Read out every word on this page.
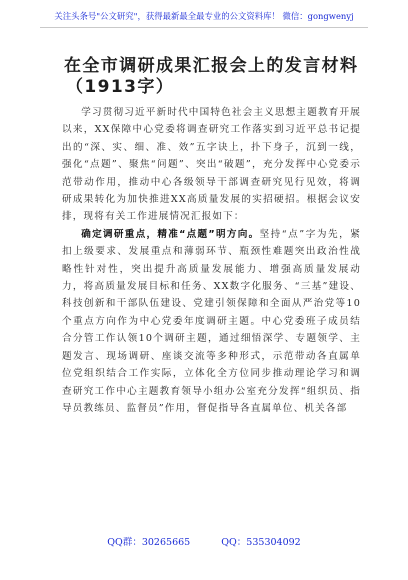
关注头条号"公文研究"，获得最新最全最专业的公文资料库！ 微信：gongwenyj
在全市调研成果汇报会上的发言材料
（1913字）

学习贯彻习近平新时代中国特色社会主义思想主题教育开展以来，XX保障中心党委将调查研究工作落实到习近平总书记提出的“深、实、细、准、效”五字诀上，扑下身子，沉到一线，强化“点题”、聚焦“问题”、突出“破题”，充分发挥中心党委示范带动作用，推动中心各级领导干部调查研究见行见效，将调研成果转化为加快推进XX高质量发展的实招硬招。根据会议安排，现将有关工作进展情况汇报如下：

确定调研重点，精准“点题”明方向。坚持“点”字为先，紧扣上级要求、发展重点和薄弱环节、瓶颈性难题突出政治性战略性针对性，突出提升高质量发展能力、增强高质量发展动力，将高质量发展目标和任务、XX数字化服务、“三基”建设、科技创新和干部队伍建设、党建引领保障和全面从严治党等10个重点方向作为中心党委年度调研主题。中心党委班子成员结合分管工作认领10个调研主题，通过细悟深学、专题领学、主题发言、现场调研、座谈交流等多种形式，示范带动各直属单位党组织结合工作实际，立体化全方位同步推动理论学习和调查研究工作中心主题教育领导小组办公室充分发挥“组织员、指导员教练员、监督员”作用，督促指导各直属单位、机关各部

QQ群：30265665	QQ：535304092
